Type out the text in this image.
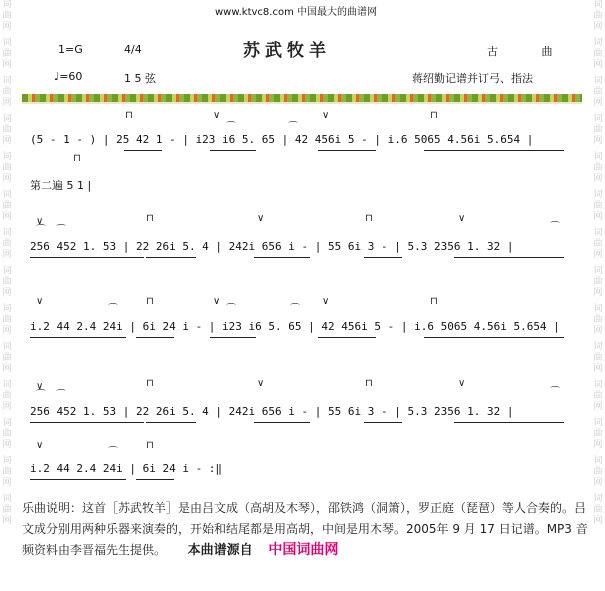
词曲网
词曲网
词曲网
词曲网
词曲网
词曲网
词曲网
词曲网
词曲网
词曲网
词曲网
词曲网
词曲网
词曲网
词曲网
词曲网
词曲网
词曲网
词曲网
词曲网
词曲网
词曲网
词曲网
词曲网
词曲网
词曲网
词曲网
词曲网
www.ktvc8.com 中国最大的曲谱网
1=G	4/4	苏武牧羊	古 曲
♩=60	1 5 弦	蒋绍勤记谱并订弓、指法
(5 - 1 - ) | 25 42 1 - | i23 i6 5. 65 | 42 456i 5 - | i.6 5065 4.56i 5.654 |
第二遍 5 1 |
256 452 1. 53 | 22 26i 5. 4 | 242i 656 i - | 55 6i 3 - | 5.3 2356 1. 32 |
i.2 44 2.4 24i | 6i 24 i - | i23 i6 5. 65 | 42 456i 5 - | i.6 5065 4.56i 5.654 |
256 452 1. 53 | 22 26i 5. 4 | 242i 656 i - | 55 6i 3 - | 5.3 2356 1. 32 |
i.2 44 2.4 24i | 6i 24 i - :‖
⊓	∨
⌒	⌒
∨	⊓
⊓
∨
⌒ ⌒
⊓	∨	⊓	∨
⌒
∨
⌒
⊓	∨
⌒	⌒
∨	⊓
∨
⌒ ⌒
⊓	∨	⊓	∨
⌒
∨
⌒
⊓
乐曲说明：这首［苏武牧羊］是由吕文成（高胡及木琴），邵铁鸿（洞箫），罗正庭（琵琶）等人合奏的。吕文成分别用两种乐器来演奏的，开始和结尾都是用高胡，中间是用木琴。2005年 9 月 17 日记谱。MP3 音频资料由李晋福先生提供。 本曲谱源自 中国词曲网
